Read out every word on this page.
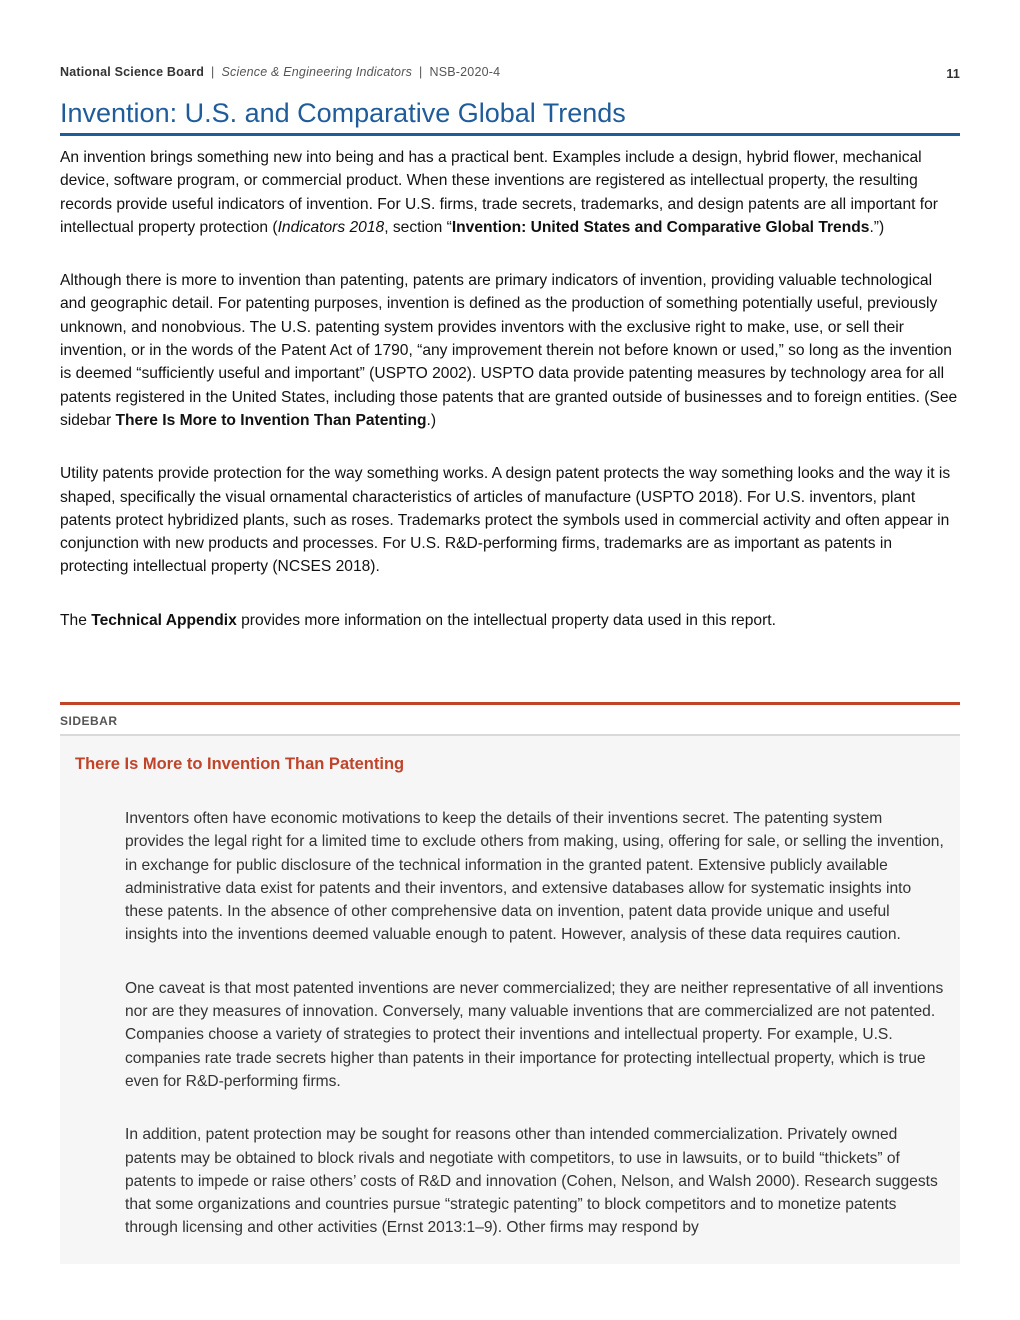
National Science Board | Science & Engineering Indicators | NSB-2020-4	11
Invention: U.S. and Comparative Global Trends

An invention brings something new into being and has a practical bent. Examples include a design, hybrid flower, mechanical device, software program, or commercial product. When these inventions are registered as intellectual property, the resulting records provide useful indicators of invention. For U.S. firms, trade secrets, trademarks, and design patents are all important for intellectual property protection (Indicators 2018, section “Invention: United States and Comparative Global Trends.”)

Although there is more to invention than patenting, patents are primary indicators of invention, providing valuable technological and geographic detail. For patenting purposes, invention is defined as the production of something potentially useful, previously unknown, and nonobvious. The U.S. patenting system provides inventors with the exclusive right to make, use, or sell their invention, or in the words of the Patent Act of 1790, “any improvement therein not before known or used,” so long as the invention is deemed “sufficiently useful and important” (USPTO 2002). USPTO data provide patenting measures by technology area for all patents registered in the United States, including those patents that are granted outside of businesses and to foreign entities. (See sidebar There Is More to Invention Than Patenting.)

Utility patents provide protection for the way something works. A design patent protects the way something looks and the way it is shaped, specifically the visual ornamental characteristics of articles of manufacture (USPTO 2018). For U.S. inventors, plant patents protect hybridized plants, such as roses. Trademarks protect the symbols used in commercial activity and often appear in conjunction with new products and processes. For U.S. R&D-performing firms, trademarks are as important as patents in protecting intellectual property (NCSES 2018).

The Technical Appendix provides more information on the intellectual property data used in this report.

SIDEBAR
There Is More to Invention Than Patenting

Inventors often have economic motivations to keep the details of their inventions secret. The patenting system provides the legal right for a limited time to exclude others from making, using, offering for sale, or selling the invention, in exchange for public disclosure of the technical information in the granted patent. Extensive publicly available administrative data exist for patents and their inventors, and extensive databases allow for systematic insights into these patents. In the absence of other comprehensive data on invention, patent data provide unique and useful insights into the inventions deemed valuable enough to patent. However, analysis of these data requires caution.

One caveat is that most patented inventions are never commercialized; they are neither representative of all inventions nor are they measures of innovation. Conversely, many valuable inventions that are commercialized are not patented. Companies choose a variety of strategies to protect their inventions and intellectual property. For example, U.S. companies rate trade secrets higher than patents in their importance for protecting intellectual property, which is true even for R&D-performing firms.

In addition, patent protection may be sought for reasons other than intended commercialization. Privately owned patents may be obtained to block rivals and negotiate with competitors, to use in lawsuits, or to build “thickets” of patents to impede or raise others’ costs of R&D and innovation (Cohen, Nelson, and Walsh 2000). Research suggests that some organizations and countries pursue “strategic patenting” to block competitors and to monetize patents through licensing and other activities (Ernst 2013:1–9). Other firms may respond by
